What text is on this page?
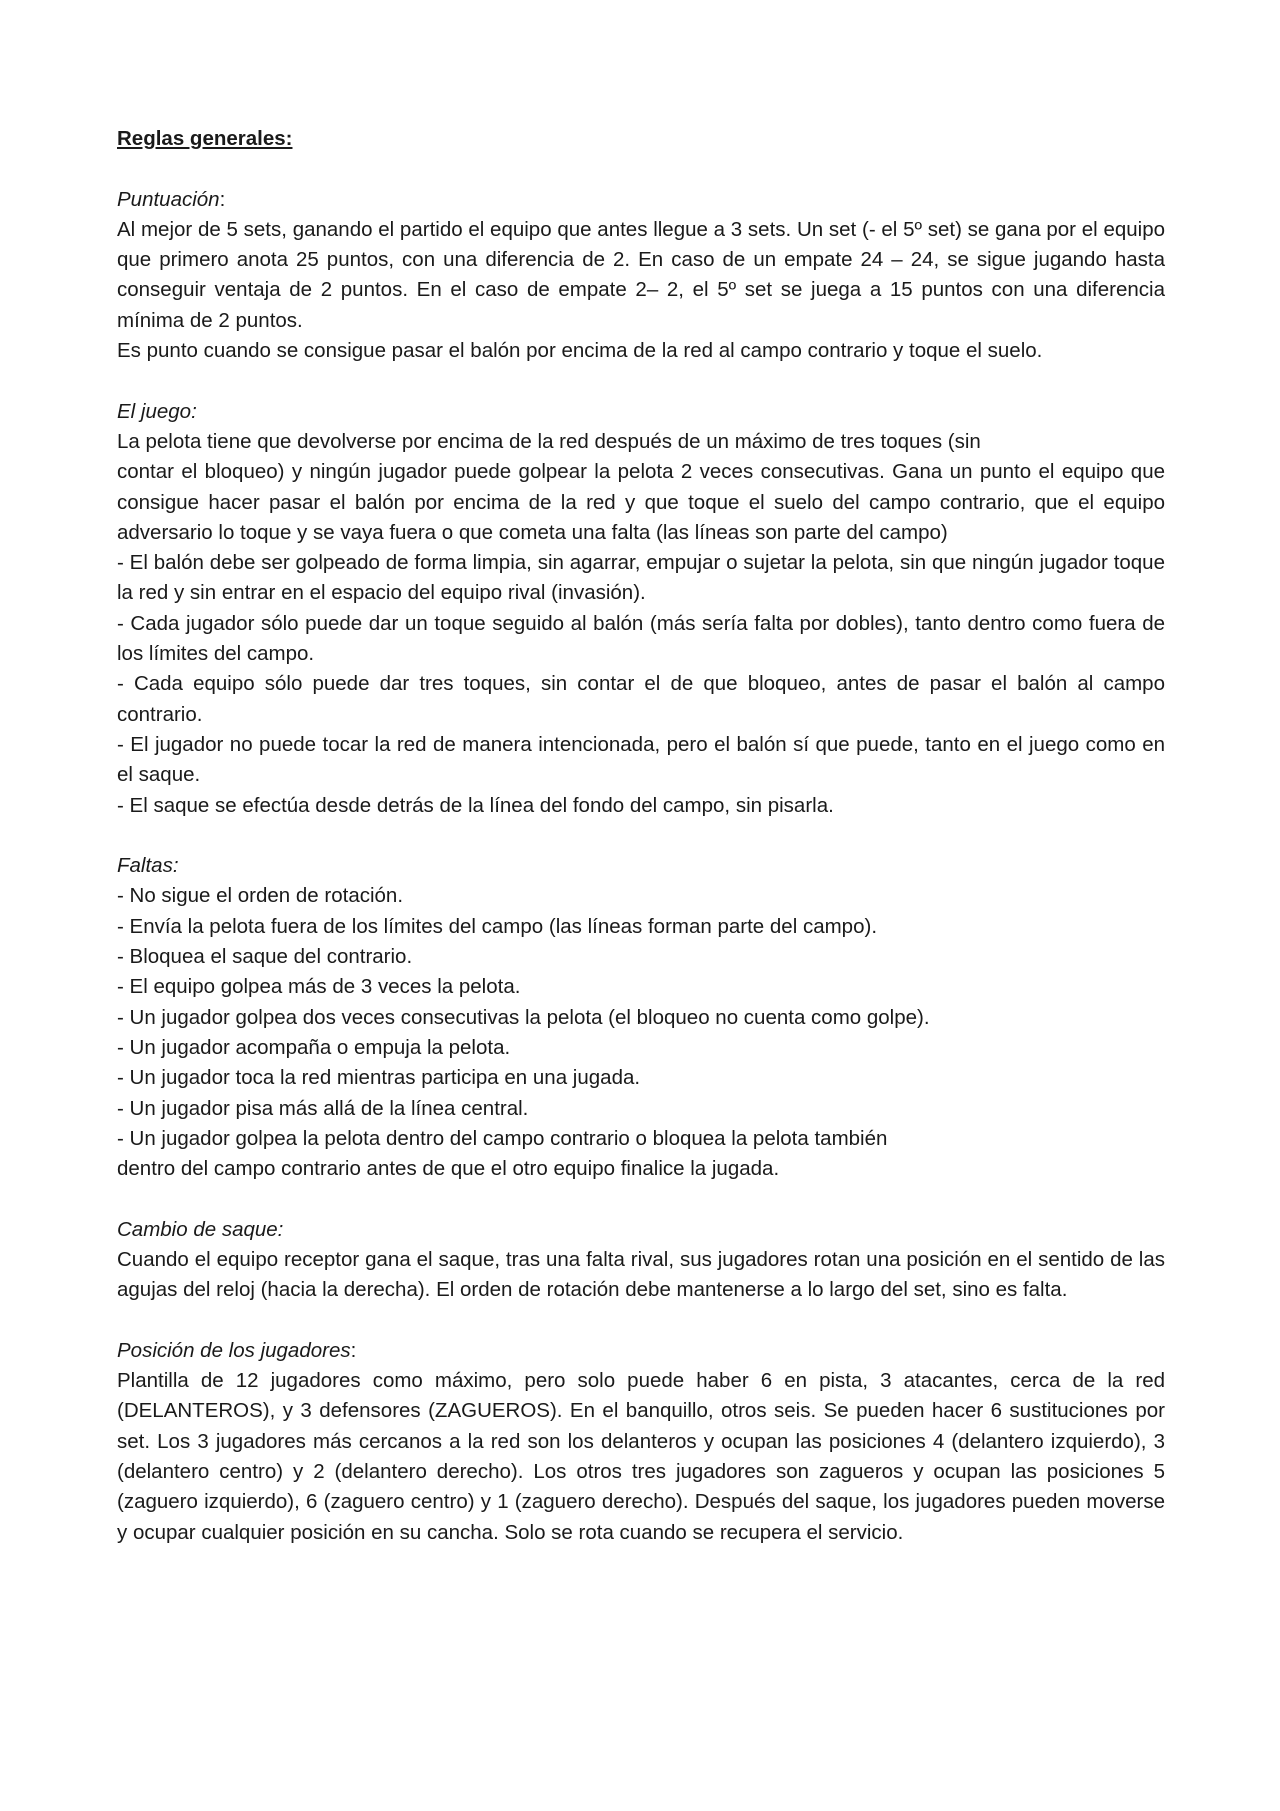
Reglas generales:

Puntuación:

Al mejor de 5 sets, ganando el partido el equipo que antes llegue a 3 sets. Un set (- el 5º set) se gana por el equipo que primero anota 25 puntos, con una diferencia de 2. En caso de un empate 24 – 24, se sigue jugando hasta conseguir ventaja de 2 puntos. En el caso de empate 2– 2, el 5º set se juega a 15 puntos con una diferencia mínima de 2 puntos.

Es punto cuando se consigue pasar el balón por encima de la red al campo contrario y toque el suelo.

El juego:

La pelota tiene que devolverse por encima de la red después de un máximo de tres toques (sin

contar el bloqueo) y ningún jugador puede golpear la pelota 2 veces consecutivas. Gana un punto el equipo que consigue hacer pasar el balón por encima de la red y que toque el suelo del campo contrario, que el equipo adversario lo toque y se vaya fuera o que cometa una falta (las líneas son parte del campo)

- El balón debe ser golpeado de forma limpia, sin agarrar, empujar o sujetar la pelota, sin que ningún jugador toque la red y sin entrar en el espacio del equipo rival (invasión).

- Cada jugador sólo puede dar un toque seguido al balón (más sería falta por dobles), tanto dentro como fuera de los límites del campo.

- Cada equipo sólo puede dar tres toques, sin contar el de que bloqueo, antes de pasar el balón al campo contrario.

- El jugador no puede tocar la red de manera intencionada, pero el balón sí que puede, tanto en el juego como en el saque.

- El saque se efectúa desde detrás de la línea del fondo del campo, sin pisarla.

Faltas:

- No sigue el orden de rotación.

- Envía la pelota fuera de los límites del campo (las líneas forman parte del campo).

- Bloquea el saque del contrario.

- El equipo golpea más de 3 veces la pelota.

- Un jugador golpea dos veces consecutivas la pelota (el bloqueo no cuenta como golpe).

- Un jugador acompaña o empuja la pelota.

- Un jugador toca la red mientras participa en una jugada.

- Un jugador pisa más allá de la línea central.

- Un jugador golpea la pelota dentro del campo contrario o bloquea la pelota también

dentro del campo contrario antes de que el otro equipo finalice la jugada.

Cambio de saque:

Cuando el equipo receptor gana el saque, tras una falta rival, sus jugadores rotan una posición en el sentido de las agujas del reloj (hacia la derecha). El orden de rotación debe mantenerse a lo largo del set, sino es falta.

Posición de los jugadores:

Plantilla de 12 jugadores como máximo, pero solo puede haber 6 en pista, 3 atacantes, cerca de la red (DELANTEROS), y 3 defensores (ZAGUEROS). En el banquillo, otros seis. Se pueden hacer 6 sustituciones por set. Los 3 jugadores más cercanos a la red son los delanteros y ocupan las posiciones 4 (delantero izquierdo), 3 (delantero centro) y 2 (delantero derecho). Los otros tres jugadores son zagueros y ocupan las posiciones 5 (zaguero izquierdo), 6 (zaguero centro) y 1 (zaguero derecho). Después del saque, los jugadores pueden moverse y ocupar cualquier posición en su cancha. Solo se rota cuando se recupera el servicio.
